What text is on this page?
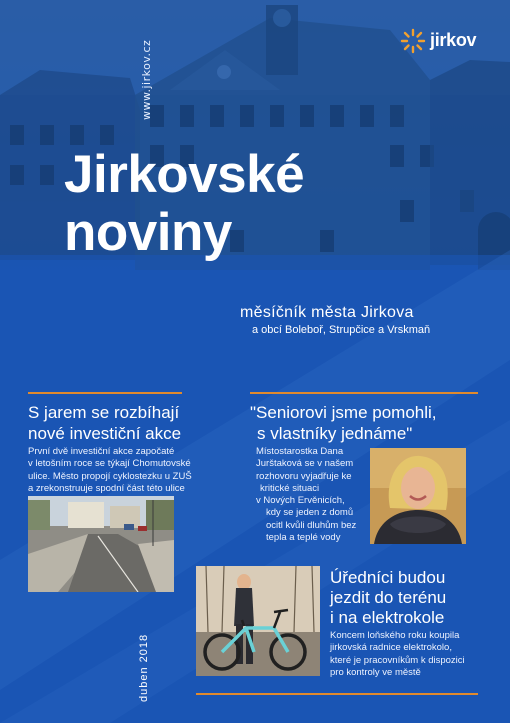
www.jirkov.cz	jirkov
Jirkovské
noviny
měsíčník města Jirkova
a obcí Boleboř, Strupčice a Vrskmaň
S jarem se rozbíhají
nové investiční akce
První dvě investiční akce započaté
v letošním roce se týkají Chomutovské
ulice. Město propojí cyklostezku u ZUŠ
a zrekonstruuje spodní část této ulice
"Seniorovi jsme pomohli,
s vlastníky jednáme"
Místostarostka Dana
Jurštaková se v našem
rozhovoru vyjadřuje ke
kritické situaci
v Nových Ervěnicích,
kdy se jeden z domů
ocitl kvůli dluhům bez
tepla a teplé vody
Úředníci budou
jezdit do terénu
i na elektrokole
Koncem loňského roku koupila
jirkovská radnice elektrokolo,
které je pracovníkům k dispozici
pro kontroly ve městě
duben 2018
